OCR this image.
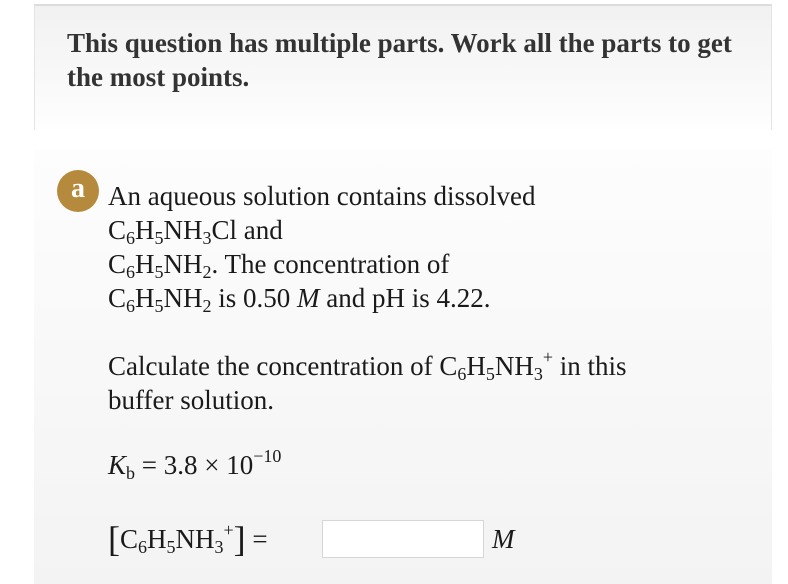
This question has multiple parts. Work all the parts to get the most points.
a An aqueous solution contains dissolved
$C_6H_5NH_3Cl$ and
$C_6H_5NH_2$. The concentration of
$C_6H_5NH_2$ is 0.50 M and pH is 4.22.
Calculate the concentration of $C_6H_5NH_3^+$ in this
buffer solution.
$K_b = 3.8 \times 10^{-10}$
$[C_6H_5NH_3^+]$ =	M
